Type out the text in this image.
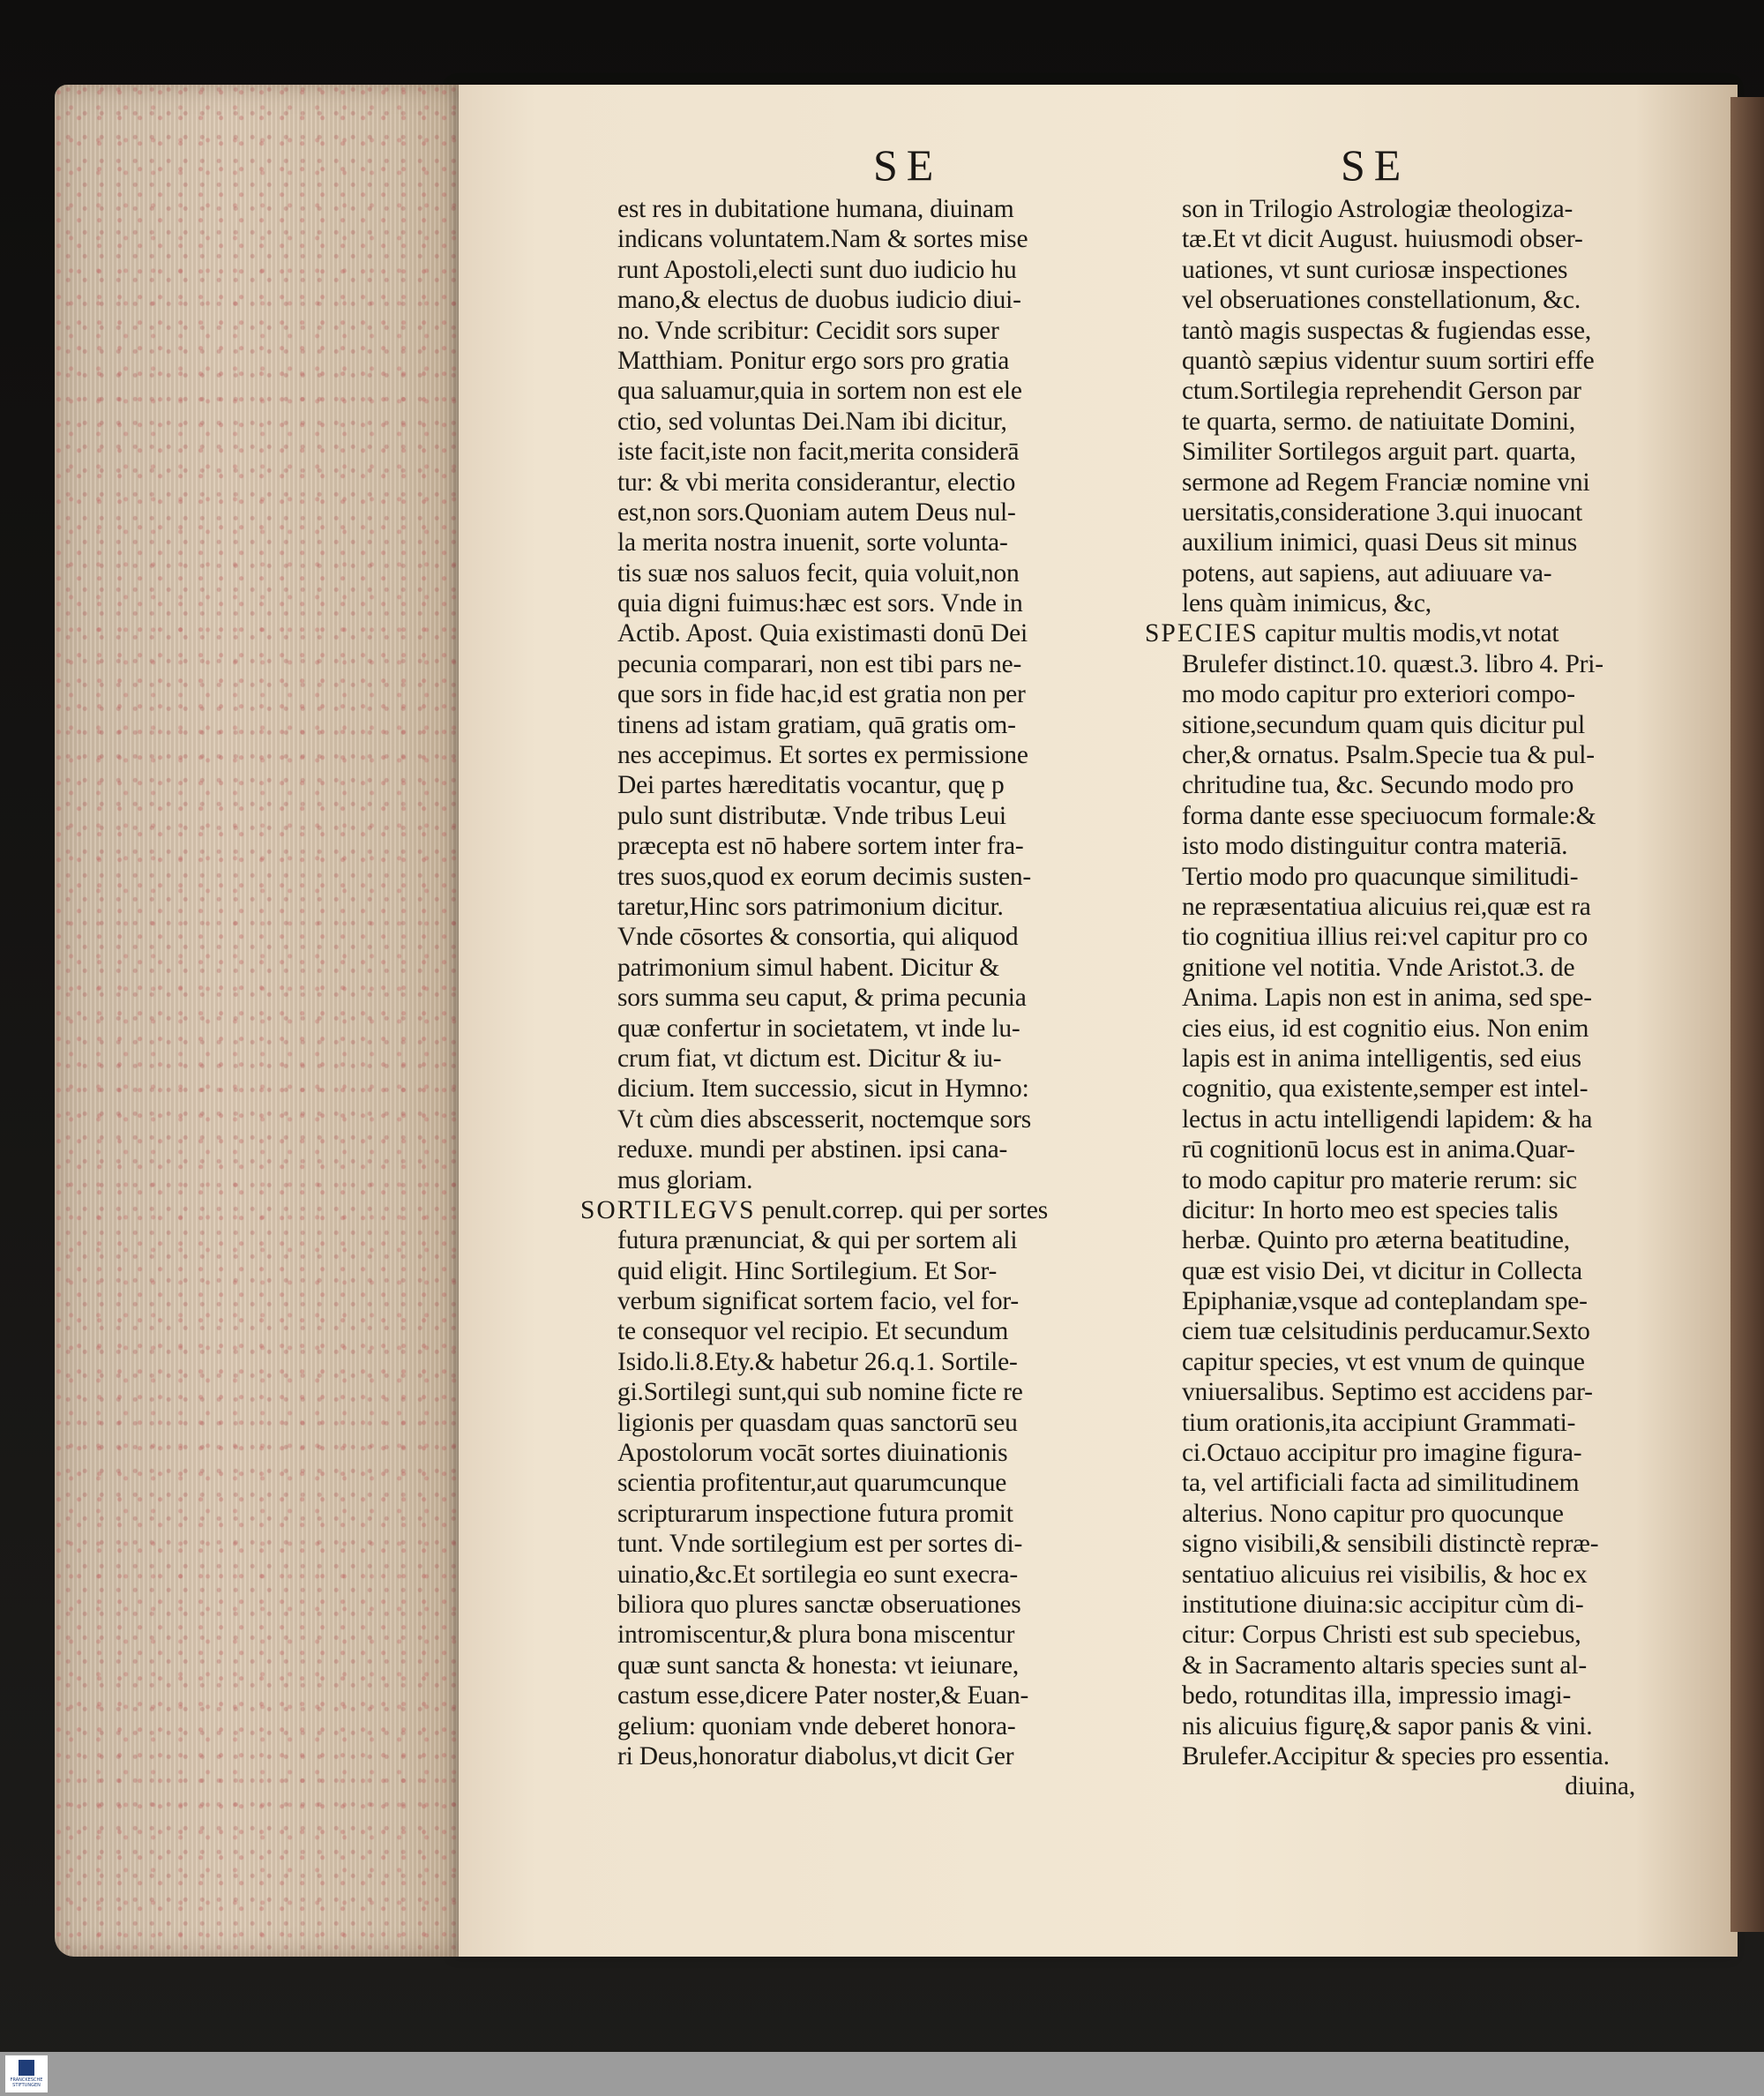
SE	SE
est res in dubitatione humana, diuinam
indicans voluntatem.Nam & sortes misе
runt Apostoli,electi sunt duo iudicio hu
mano,& electus de duobus iudicio diui-
no. Vnde scribitur: Cecidit sors super
Matthiam. Ponitur ergo sors pro gratia
qua saluamur,quia in sortem non est ele
ctio, sed voluntas Dei.Nam ibi dicitur,
iste facit,iste non facit,merita considerā
tur: & vbi merita considerantur, electio
est,non sors.Quoniam autem Deus nul-
la merita nostra inuenit, sorte volunta-
tis suæ nos saluos fecit, quia voluit,non
quia digni fuimus:hæc est sors. Vnde in
Actib. Apost. Quia existimasti donū Dei
pecunia comparari, non est tibi pars ne-
que sors in fide hac,id est gratia non per
tinens ad istam gratiam, quā gratis om-
nes accepimus. Et sortes ex permissione
Dei partes hæreditatis vocantur, quę p
pulo sunt distributæ. Vnde tribus Leui
præcepta est nō habere sortem inter fra-
tres suos,quod ex eorum decimis susten-
taretur,Hinc sors patrimonium dicitur.
Vnde cōsortes & consortia, qui aliquod
patrimonium simul habent. Dicitur &
sors summa seu caput, & prima pecunia
quæ confertur in societatem, vt inde lu-
crum fiat, vt dictum est. Dicitur & iu-
dicium. Item successio, sicut in Hymno:
Vt cùm dies abscesserit, noctemque sors
reduxe. mundi per abstinen. ipsi cana-
mus gloriam.
SORTILEGVS penult.correp. qui per sortes
futura prænunciat, & qui per sortem ali
quid eligit. Hinc Sortilegium. Et Sor-
verbum significat sortem facio, vel for-
te consequor vel recipio. Et secundum
Isido.li.8.Ety.& habetur 26.q.1. Sortile-
gi.Sortilegi sunt,qui sub nomine ficte re
ligionis per quasdam quas sanctorū seu
Apostolorum vocāt sortes diuinationis
scientia profitentur,aut quarumcunque
scripturarum inspectione futura promit
tunt. Vnde sortilegium est per sortes di-
uinatio,&c.Et sortilegia eo sunt execra-
biliora quo plures sanctæ obseruationes
intromiscentur,& plura bona miscentur
quæ sunt sancta & honesta: vt ieiunare,
castum esse,dicere Pater noster,& Euan-
gelium: quoniam vnde deberet honora-
ri Deus,honoratur diabolus,vt dicit Ger
son in Trilogio Astrologiæ theologiza-
tæ.Et vt dicit August. huiusmodi obser-
uationes, vt sunt curiosæ inspectiones
vel obseruationes constellationum, &c.
tantò magis suspectas & fugiendas esse,
quantò sæpius videntur suum sortiri effe
ctum.Sortilegia reprehendit Gerson par
te quarta, sermo. de natiuitate Domini,
Similiter Sortilegos arguit part. quarta,
sermone ad Regem Franciæ nomine vni
uersitatis,consideratione 3.qui inuocant
auxilium inimici, quasi Deus sit minus
potens, aut sapiens, aut adiuuare va-
lens quàm inimicus, &c,
SPECIES capitur multis modis,vt notat
Brulefer distinct.10. quæst.3. libro 4. Pri-
mo modo capitur pro exteriori compo-
sitione,secundum quam quis dicitur pul
cher,& ornatus. Psalm.Specie tua & pul-
chritudine tua, &c. Secundo modo pro
forma dante esse speciuocum formale:&
isto modo distinguitur contra materiā.
Tertio modo pro quacunque similitudi-
ne repræsentatiua alicuius rei,quæ est ra
tio cognitiua illius rei:vel capitur pro co
gnitione vel notitia. Vnde Aristot.3. de
Anima. Lapis non est in anima, sed spe-
cies eius, id est cognitio eius. Non enim
lapis est in anima intelligentis, sed eius
cognitio, qua existente,semper est intel-
lectus in actu intelligendi lapidem: & ha
rū cognitionū locus est in anima.Quar-
to modo capitur pro materie rerum: sic
dicitur: In horto meo est species talis
herbæ. Quinto pro æterna beatitudine,
quæ est visio Dei, vt dicitur in Collecta
Epiphaniæ,vsque ad conteplandam spe-
ciem tuæ celsitudinis perducamur.Sexto
capitur species, vt est vnum de quinque
vniuersalibus. Septimo est accidens par-
tium orationis,ita accipiunt Grammati-
ci.Octauo accipitur pro imagine figura-
ta, vel artificiali facta ad similitudinem
alterius. Nono capitur pro quocunque
signo visibili,& sensibili distinctè repræ-
sentatiuo alicuius rei visibilis, & hoc ex
institutione diuina:sic accipitur cùm di-
citur: Corpus Christi est sub speciebus,
& in Sacramento altaris species sunt al-
bedo, rotunditas illa, impressio imagi-
nis alicuius figurę,& sapor panis & vini.
Brulefer.Accipitur & species pro essentia.
diuina,
FRANCKESCHE
STIFTUNGEN
